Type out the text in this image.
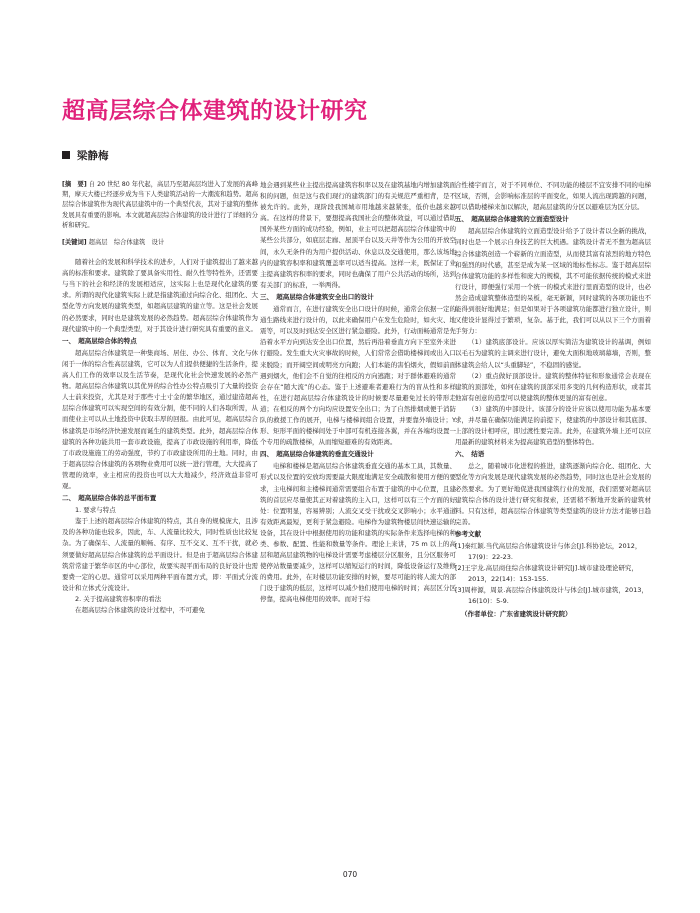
超高层综合体建筑的设计研究
梁静梅

[摘　要] 自 20 世纪 80 年代起，高层乃至超高层均进入了发展的高峰期，摩天大楼已经逐步成为当下人类建筑活动的一大潮流和趋势。超高层综合体建筑作为现代高层建筑中的一个典型代表，其对于建筑的整体发展具有重要的影响。本文就超高层综合体建筑的设计进行了详细的分析和研究。

[关键词] 超高层　综合体建筑　设计

随着社会的发展和科学技术的进步，人们对于建筑提出了越来越高的标准和要求。建筑除了要具备实用性、耐久性等特性外，还需要与当下的社会和经济的发展相适应，这实际上也是现代化建筑的要求。所谓的现代化建筑实际上就是指建筑通过向综合化、组团化、大型化等方向发展的建筑类型，如超高层建筑的建立等。这是社会发展的必然要求，同时也是建筑发展的必然趋势。超高层综合体建筑作为现代建筑中的一个典型类型，对于其设计进行研究具有重要的意义。

一、　超高层综合体的特点

超高层综合体建筑是一种集商场、居住、办公、体育、文化与休闲于一体的综合性高层建筑，它可以为人们提供便捷的生活条件，提高人们工作的效率以及生活节奏，是现代化社会快速发展的必然产物。超高层综合体建筑以其优异的综合性办公特点吸引了大量的投资人士前来投资，尤其是对于那些寸土寸金的繁华地区，通过建造超高层综合体建筑可以实现空间的有效分割，使不同的人们各取所需，从而使业主可以从土地投资中获取丰厚的回报。由此可见，超高层综合体建筑是市场经济快速发展而诞生的建筑类型。此外，超高层综合体建筑的各种功能共用一套市政设施，提高了市政设施的利用率，降低了市政设施施工的劳动强度，节约了市政建设所用的土地。同时，由于超高层综合体建筑的各项物业费用可以统一进行管理，大大提高了管理的效率，业主相应的投资也可以大大地减少，经济效益非常可观。

二、　超高层综合体的总平面布置

1. 要求与特点

鉴于上述的超高层综合体建筑的特点，其自身的规模庞大，且涉及的各种功能也较多，因此，车、人流量比较大，同时性质也比较复杂。为了确保车、人流量的顺畅、有序、互不交叉、互不干扰，就必须要做好超高层综合体建筑的总平面设计。但是由于超高层综合体建筑常常建于繁华市区的中心部位，故要实现平面布局的良好设计也需要费一定的心思。通常可以采用两种平面布置方式，即：平面式分流设计和立体式分流设计。

2. 关于提高建筑容积率的看法

在超高层综合体建筑的设计过程中，不可避免

地会遇到某些业主提出提高建筑容积率以及在建筑基地内增加建筑面积的问题，但是这与我们现行的建筑部门的有关规范严重相背，是不被允许的。此外，现阶段我国城市用地越来越紧张，低价也越来越高。在这样的背景下，要想提高我国社会的整体效益，可以通过借助国外某些方面的成功经验，例如，业主可以把超高层综合体建筑中的某些公共部分，如底层走廊、屋顶平台以及天井等作为公用的开放空间，永久无条件的为用户提供活动、休息以及交通使用，那么该场地内的建筑容积率和建筑覆盖率可以适当提高。这样一来，既保证了业主提高建筑容积率的要求，同时也确保了用户公共活动的场所，达到有关部门的标准，一举两得。

三、　超高层综合体建筑安全出口的设计

通常而言，在进行建筑安全出口设计的时候，通常会依据一定的通生路线来进行设计的，以此来确保用户在发生危险时，如火灾、地震等，可以及时到达安全区进行紧急避险。此外，行动面畅通常是先沿着水平方向到达安全出口位置，然后再沿着垂直方向下至室外来进行避险。发生重大火灾事故的时候，人们常常会借助楼梯间或出入口来脱险；而开阔空间或明亮方向跑；人们本能的害怕烟火，假如前面遇到烟火，他们会不自觉的往相反的方向逃跑；对于群体避难的通常会存在“随大流”的心态。鉴于上述避难者避难行为的盲从性和多样性，在进行超高层综合体建筑设计的时候要尽量避免过长的带形走道；在相反的两个方向均应设置安全出口；为了自然排烟或便于消防队的救援工作的展开，电梯与楼梯间组合设置，并要靠外墙设计；Y 形、矩形平面的楼梯间处于中部可有机连接各翼，并在各端均设置一个专用的疏散楼梯，从而缩短避难的有效距离。

四、　超高层综合体建筑的垂直交通设计

电梯和楼梯是超高层综合体建筑垂直交通的基本工具，其数量、形式以及位置的安放均需要最大限度地满足安全疏散和使用方便的要求，主电梯间和主楼梯间通常需要组合布置于建筑的中心位置，且建筑的首层应尽量使其正对着建筑的主入口，这样可以有三个方面的好处：位置明显，容易辨别；人流交叉受干扰或交叉影响小；水平通道有效距离最短，更利于紧急避险。电梯作为建筑物楼层间快速运输的设备，其在设计中根据使用的功能和建筑的实际条件来选择电梯的种类、参数、配置、性能和数量等条件。理论上来讲，75 m 以上的高层和超高层建筑物的电梯设计需要考虑楼层分区服务，且分区服务可使停站数量要减少，这样可以缩短运行的时间，降低设备运行及维修的费用。此外，在对楼层功能安排的时候，要尽可能的将人流大的部门设于建筑的低层，这样可以减少他们使用电梯的时间；高层区分区停靠，提高电梯使用的效率。而对于综

合性楼宇而言，对于不同单位、不同功能的楼层不宜安排不同的电梯区域，否则，会影响标准层的平面变化，如果人流出现跨越的问题，可以借助楼梯来加以解决，超高层建筑的分区以避难层为区分层。

五、　超高层综合体建筑的立面造型设计

超高层综合体建筑的立面造型设计给予了设计者以全新的挑战，同时也是一个展示自身技艺的巨大机遇。建筑设计者无不想为超高层综合体建筑创造一个崭新的立面造型，从而使其富有浓烈的地方特色和强烈的时代感，甚至是成为某一区域的地标性标志。鉴于超高层综合体建筑功能的多样性和庞大的规模，其不可能依据传统的模式来进行设计，即便强行采用一个统一的模式来进行里面造型的设计，也必然会造成建筑整体造型的呆板，毫无新颖，同时建筑的各项功能也不能得到很好地满足；但是如果对于各项建筑功能都进行独立设计，则又使设计显得过于繁琐，复杂。基于此，我们可以从以下三个方面着手努力：

（1）建筑底部设计。应该以厚实简洁为建筑设计的基调，例如以毛石为建筑的主调来进行设计，避免大面积地玻璃幕墙，否则，整体建筑会给人以“头重脚轻”，不稳固的感觉。

（2）重点做好顶部设计。建筑的整体特征和形象通常会表现在建筑的顶部处，如何在建筑的顶部采用多变的几何构造形状，或者其他富有创意的造型可以使建筑的整体更显的富有创意。

（3）建筑的中部设计。该部分的设计应该以使用功能为基本要求，并尽量在确保功能满足的前提下，使建筑的中部设计和其底部、上部的设计相呼应，即过渡性要完善。此外，在建筑外墙上还可以应用最新的建筑材料来为提高建筑造型的整体特色。

六、　结语

总之，随着城市化进程的推进，建筑逐渐向综合化、组团化、大型化等方向发展是现代建筑发展的必然趋势，同时这也是社会发展的必然要求。为了更好地促进我国建筑行业的发展，我们需要对超高层建筑综合体的设计进行研究和探索，还需稍不断地开发新的建筑材料。只有这样，超高层综合体建筑等类型建筑的设计方法才能够日趋完善。

参考文献

[1]秦红颖.当代高层综合体建筑设计与体会[J].科协论坛，2012，17(9)：22-23.

[2]王宇龙.高层商住综合体建筑设计研究[J].城市建设理论研究，2013，22(14)：153-155.

[3]周梓源，周景.高层综合体建筑设计与体会[J].城市建筑，2013，16(10)：5-9.

（作者单位：广东省建筑设计研究院）

070
